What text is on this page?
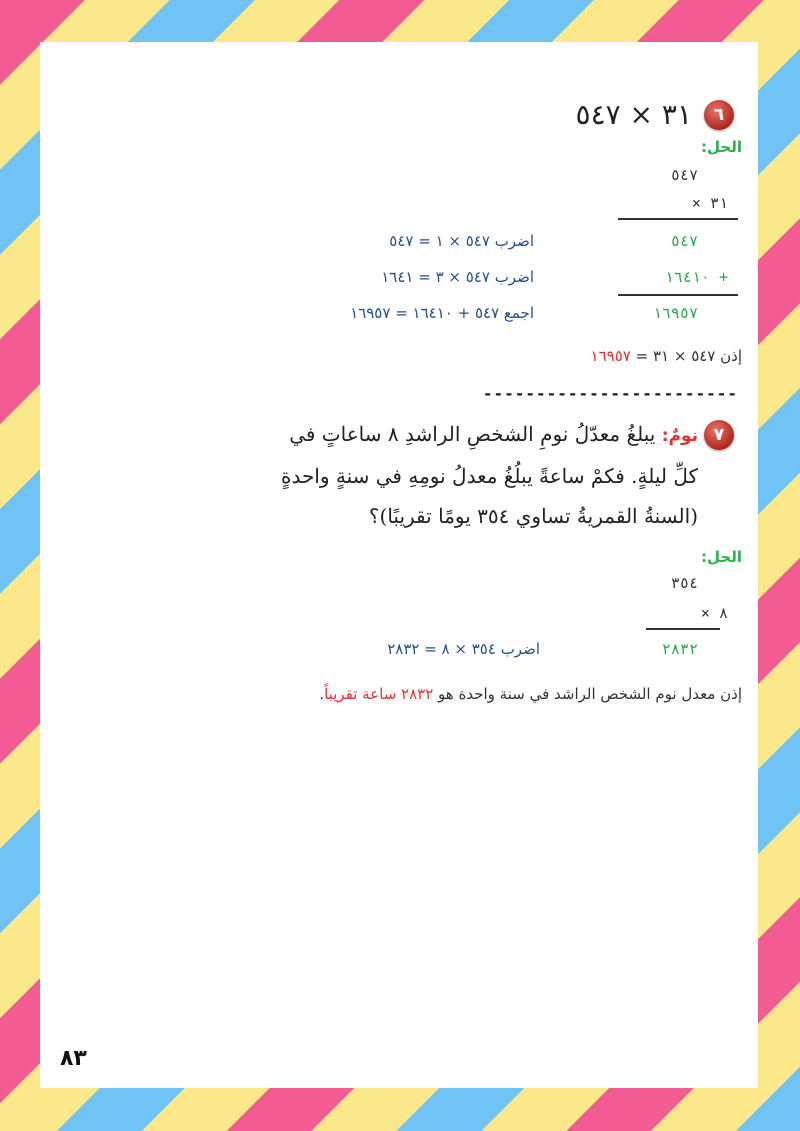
٦
٣١ × ٥٤٧
الحل:
٥٤٧
٣١ ×
٥٤٧
+ ١٦٤١٠
١٦٩٥٧
اضرب ٥٤٧ × ١ = ٥٤٧
اضرب ٥٤٧ × ٣ = ١٦٤١
اجمع ٥٤٧ + ١٦٤١٠ = ١٦٩٥٧
إذن ٥٤٧ × ٣١ = ١٦٩٥٧
------------------------
٧
نومٌ: يبلغُ معدّلُ نومِ الشخصِ الراشدِ ٨ ساعاتٍ في
كلِّ ليلةٍ. فكمْ ساعةً يبلُغُ معدلُ نومِهِ في سنةٍ واحدةٍ
(السنةُ القمريةُ تساوي ٣٥٤ يومًا تقريبًا)؟
الحل:
٣٥٤
٨ ×
٢٨٣٢
اضرب ٣٥٤ × ٨ = ٢٨٣٢
إذن معدل نوم الشخص الراشد في سنة واحدة هو ٢٨٣٢ ساعة تقريباً.
٨٣
